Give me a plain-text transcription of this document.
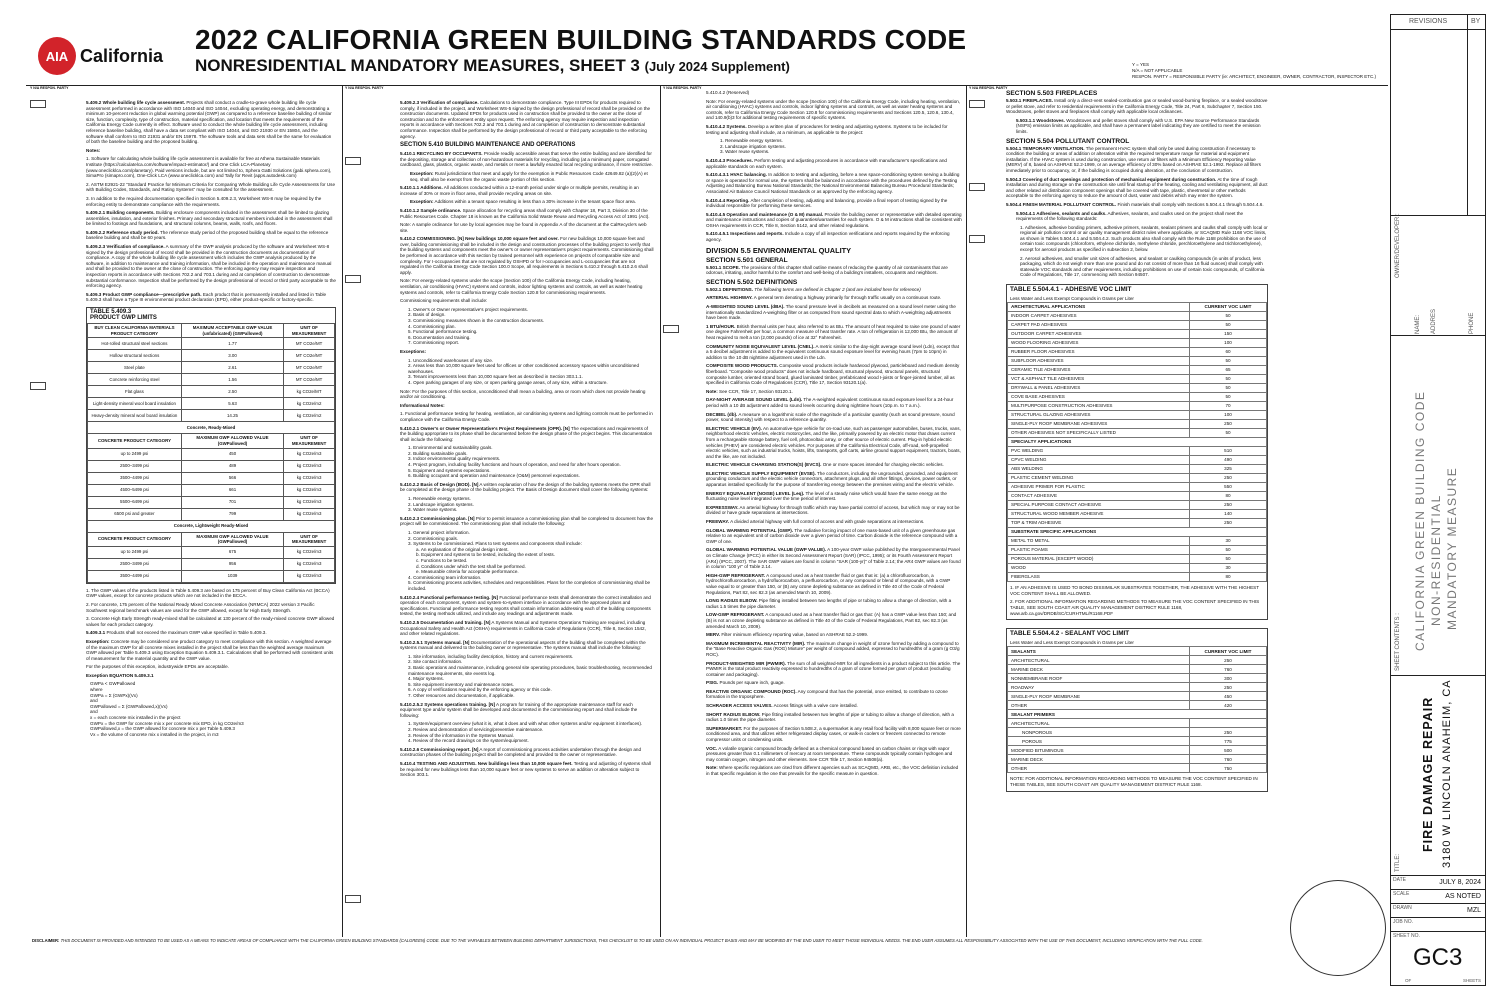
AIA California
2022 CALIFORNIA GREEN BUILDING STANDARDS CODE
NONRESIDENTIAL MANDATORY MEASURES, SHEET 3 (July 2024 Supplement)	Y = YES
N/A = NOT APPLICABLE
RESPON. PARTY = RESPONSIBLE PARTY (ie: ARCHITECT, ENGINEER, OWNER, CONTRACTOR, INSPECTOR ETC.)
Y N/A RESPON. PARTY	Y N/A RESPON. PARTY	Y N/A RESPON. PARTY	Y N/A RESPON. PARTY

5.409.2 Whole building life cycle assessment. Projects shall conduct a cradle-to-grave whole building life cycle assessment performed in accordance with ISO 14040 and ISO 14044, excluding operating energy, and demonstrating a minimum 10-percent reduction in global warming potential (GWP) as compared to a reference baseline building of similar size, function, complexity, type of construction, material specification, and location that meets the requirements of the California Energy Code currently in effect. Software used to conduct the whole building life cycle assessment, including reference baseline building, shall have a data set compliant with ISO 14044, and ISO 21930 or EN 15804, and the software shall conform to ISO 21931 and/or EN 15978. The software tools and data sets shall be the same for evaluation of both the baseline building and the proposed building.

Notes:

1. Software for calculating whole building life cycle assessment is available for free at Athena Sustainable Materials Institute (https://calculatelca.com/software/impact-estimator/) and One Click LCA-Planetary (www.oneclicklca.com/planetary). Paid versions include, but are not limited to, Sphera GaBi Solutions (gabi.sphera.com), SimaPro (simapro.com), One-Click LCA (www.oneclicklca.com) and Tally for Revit (apps.autodesk.com)

2. ASTM E2921-22 "Standard Practice for Minimum Criteria for Comparing Whole Building Life Cycle Assessments for Use with Building Codes, Standards, and Rating Systems" may be consulted for the assessment.

3. In addition to the required documentation specified in Section 5.409.2.3, Worksheet WS-8 may be required by the enforcing entity to demonstrate compliance with the requirements.

5.409.2.1 Building components. Building enclosure components included in the assessment shall be limited to glazing assemblies, insulation, and exterior finishes. Primary and secondary structural members included in the assessment shall be limited to footings and foundations, and structural columns, beams, walls, roofs, and floors.

5.409.2.2 Reference study period. The reference study period of the proposed building shall be equal to the reference baseline building and shall be 60 years.

5.409.2.3 Verification of compliance. A summary of the GWP analysis produced by the software and Worksheet WS-8 signed by the design professional of record shall be provided in the construction documents as documentation of compliance. A copy of the whole building life cycle assessment which includes the GWP analysis produced by the software, in addition to maintenance and training information, shall be included in the operation and maintenance manual and shall be provided to the owner at the close of construction. The enforcing agency may require inspection and inspection reports in accordance with Sections 702.2 and 703.1 during and at completion of construction to demonstrate substantial conformance. Inspection shall be performed by the design professional of record or third party acceptable to the enforcing agency.

5.409.3 Product GWP compliance—prescriptive path. Each product that is permanently installed and listed in Table 5.409.3 shall have a Type III environmental product declaration (EPD), either product-specific or factory-specific.

TABLE 5.409.3
PRODUCT GWP LIMITS
BUY CLEAN CALIFORNIA MATERIALS PRODUCT CATEGORY	MAXIMUM ACCEPTABLE GWP VALUE (unfabricated) (GWPallowed)	UNIT OF MEASUREMENT
Hot-rolled structural steel sections	1.77	MT CO2e/MT
Hollow structural sections	3.00	MT CO2e/MT
Steel plate	2.61	MT CO2e/MT
Concrete reinforcing steel	1.56	MT CO2e/MT
Flat glass	2.50	kg CO2e/MT
Light-density mineral wool board insulation	5.63	kg CO2e/m2
Heavy-density mineral wool board insulation	14.25	kg CO2e/m2
Concrete, Ready-Mixed		
CONCRETE PRODUCT CATEGORY	MAXIMUM GWP ALLOWED VALUE (GWPallowed)	UNIT OF MEASUREMENT
up to 2499 psi	450	kg CO2e/m3
2500–3499 psi	489	kg CO2e/m3
3500–4499 psi	566	kg CO2e/m3
4500–5499 psi	661	kg CO2e/m3
5500–6499 psi	701	kg CO2e/m3
6500 psi and greater	799	kg CO2e/m3
Concrete, Lightweight Ready-Mixed		
CONCRETE PRODUCT CATEGORY	MAXIMUM GWP ALLOWED VALUE (GWPallowed)	UNIT OF MEASUREMENT
up to 2499 psi	675	kg CO2e/m3
2500–3499 psi	956	kg CO2e/m3
3500–4499 psi	1039	kg CO2e/m3

1. The GWP values of the products listed in Table 5.409.3 are based on 175 percent of Buy Clean California Act (BCCA) GWP values, except for concrete products which are not included in the BCCA.

2. For concrete, 175 percent of the National Ready Mixed Concrete Association (NRMCA) 2022 version 3 Pacific Southwest regional benchmark values are used for the GWP allowed, except for High Early Strength.

3. Concrete High Early Strength ready-mixed shall be calculated at 130 percent of the ready-mixed concrete GWP allowed values for each product category.

5.409.3.1 Products shall not exceed the maximum GWP value specified in Table 5.409.3.

Exception: Concrete may be considered one product category to meet compliance with this section. A weighted average of the maximum GWP for all concrete mixes installed in the project shall be less than the weighted average maximum GWP allowed per Table 5.409.3 using Exception Equation 5.409.3.1. Calculations shall be performed with consistent units of measurement for the material quantity and the GWP value.

For the purposes of this exception, industrywide EPDs are acceptable.

Exception EQUATION 5.409.3.1

GWPa < GWPallowed
where
GWPa = Σ (GWPx)(Vx)
and
GWPallowed = Σ (GWPallowed,x)(Vx)
and
x = each concrete mix installed in the project
GWPx = the GWP for concrete mix x per concrete mix EPD, in kg CO2e/m3
GWPallowed,x = the GWP allowed for concrete mix x per Table 5.409.3
Vx = the volume of concrete mix x installed in the project, in m3

5.409.2.3 Verification of compliance. Calculations to demonstrate compliance. Type III EPDs for products required to comply, if included in the project, and Worksheet WS-5 signed by the design professional of record shall be provided on the construction documents. Updated EPDs for products used in construction shall be provided to the owner at the close of construction and to the enforcement entity upon request. The enforcing agency may require inspection and inspection reports in accordance with Sections 702.2 and 703.1 during and at completion of construction to demonstrate substantial conformance. Inspection shall be performed by the design professional of record or third party acceptable to the enforcing agency.

SECTION 5.410 BUILDING MAINTENANCE AND OPERATIONS

5.410.1 RECYCLING BY OCCUPANTS. Provide readily accessible areas that serve the entire building and are identified for the depositing, storage and collection of non-hazardous materials for recycling, including (at a minimum) paper, corrugated cardboard, glass, plastics, organic waste, and metals or meet a lawfully enacted local recycling ordinance, if more restrictive.

Exception: Rural jurisdictions that meet and apply for the exemption in Public Resources Code 42649.82 (a)(2)(A) et seq. shall also be exempt from the organic waste portion of this section.

5.410.1.1 Additions. All additions conducted within a 12-month period under single or multiple permits, resulting in an increase of 30% or more in floor area, shall provide recycling areas on site.

Exception: Additions within a tenant space resulting in less than a 30% increase in the tenant space floor area.

5.410.1.2 Sample ordinance. Space allocation for recycling areas shall comply with Chapter 18, Part 3, Division 30 of the Public Resources Code. Chapter 18 is known as the California Solid Waste Reuse and Recycling Access Act of 1991 (Act).

Note: A sample ordinance for use by local agencies may be found in Appendix A of the document at the CalRecycle's web site.

5.410.2 COMMISSIONING. [N] New buildings 10,000 square feet and over. For new buildings 10,000 square feet and over, building commissioning shall be included in the design and construction processes of the building project to verify that the building systems and components meet the owner's or owner representative's project requirements. Commissioning shall be performed in accordance with this section by trained personnel with experience on projects of comparable size and complexity. For I-occupancies that are not regulated by OSHPD or for I-occupancies and L-occupancies that are not regulated in the California Energy Code Section 100.0 Scope, all requirements in Sections 5.410.2 through 5.410.2.6 shall apply.

Note: For energy-related systems under the scope (Section 100) of the California Energy Code, including heating, ventilation, air conditioning (HVAC) systems and controls, indoor lighting systems and controls, as well as water heating systems and controls, refer to California Energy Code Section 120.8 for commissioning requirements.

Commissioning requirements shall include:

1. Owner's or Owner representative's project requirements.
2. Basis of design.
3. Commissioning measures shown in the construction documents.
4. Commissioning plan.
5. Functional performance testing.
6. Documentation and training.
7. Commissioning report.

Exceptions:

1. Unconditioned warehouses of any size.
2. Areas less than 10,000 square feet used for offices or other conditioned accessory spaces within unconditioned warehouses.
3. Tenant improvements less than 10,000 square feet as described in Section 303.1.1.
4. Open parking garages of any size, or open parking garage areas, of any size, within a structure.

Note: For the purposes of this section, unconditioned shall mean a building, area or room which does not provide heating and/or air conditioning.

Informational Notes:

1. Functional performance testing for heating, ventilation, air conditioning systems and lighting controls must be performed in compliance with the California Energy Code.

5.410.2.1 Owner's or Owner Representative's Project Requirements (OPR). [N] The expectations and requirements of the building appropriate to its phase shall be documented before the design phase of the project begins. This documentation shall include the following:

1. Environmental and sustainability goals.
2. Building sustainable goals.
3. Indoor environmental quality requirements.
4. Project program, including facility functions and hours of operation, and need for after hours operation.
5. Equipment and systems expectations.
6. Building occupant and operation and maintenance (O&M) personnel expectations.

5.410.2.2 Basis of Design (BOD). [N] A written explanation of how the design of the building systems meets the OPR shall be completed at the design phase of the building project. The Basis of Design document shall cover the following systems:

1. Renewable energy systems.
2. Landscape irrigation systems.
3. Water reuse systems.

5.410.2.3 Commissioning plan. [N] Prior to permit issuance a commissioning plan shall be completed to document how the project will be commissioned. The commissioning plan shall include the following:

1. General project information.
2. Commissioning goals.
3. Systems to be commissioned. Plans to test systems and components shall include:
a. An explanation of the original design intent.
b. Equipment and systems to be tested, including the extent of tests.
c. Functions to be tested.
d. Conditions under which the test shall be performed.
e. Measurable criteria for acceptable performance.
4. Commissioning team information.
5. Commissioning process activities, schedules and responsibilities. Plans for the completion of commissioning shall be included.

5.410.2.4 Functional performance testing. [N] Functional performance tests shall demonstrate the correct installation and operation of each component, system and system-to-system interface in accordance with the approved plans and specifications. Functional performance testing reports shall contain information addressing each of the building components tested, the testing methods utilized, and include any readings and adjustments made.

5.410.2.5 Documentation and training. [N] A Systems Manual and Systems Operations Training are required, including Occupational Safety and Health Act (OSHA) requirements in California Code of Regulations (CCR), Title 8, Section 1542, and other related regulations.

5.410.2.5.1 Systems manual. [N] Documentation of the operational aspects of the building shall be completed within the systems manual and delivered to the building owner or representative. The systems manual shall include the following:

1. Site information, including facility description, history and current requirements.
2. Site contact information.
3. Basic operations and maintenance, including general site operating procedures, basic troubleshooting, recommended maintenance requirements, site events log.
4. Major systems.
5. Site equipment inventory and maintenance notes.
6. A copy of verifications required by the enforcing agency or this code.
7. Other resources and documentation, if applicable.

5.410.2.5.2 Systems operations training. [N] A program for training of the appropriate maintenance staff for each equipment type and/or system shall be developed and documented in the commissioning report and shall include the following:

1. System/equipment overview (what it is, what it does and with what other systems and/or equipment it interfaces).
2. Review and demonstration of servicing/preventive maintenance.
3. Review of the information in the Systems Manual.
4. Review of the record drawings on the system/equipment.

5.410.2.6 Commissioning report. [N] A report of commissioning process activities undertaken through the design and construction phases of the building project shall be completed and provided to the owner or representative.

5.410.4 TESTING AND ADJUSTING. New buildings less than 10,000 square feet. Testing and adjusting of systems shall be required for new buildings less than 10,000 square feet or new systems to serve an addition or alteration subject to Section 303.1.

5.410.4.2 (Reserved)

Note: For energy-related systems under the scope (Section 100) of the California Energy Code, including heating, ventilation, air conditioning (HVAC) systems and controls, indoor lighting systems and controls, as well as water heating systems and controls, refer to California Energy Code Section 120.8 for commissioning requirements and Sections 120.5, 120.6, 130.4, and 140.9(b)3 for additional testing requirements of specific systems.

5.410.4.2 Systems. Develop a written plan of procedures for testing and adjusting systems. Systems to be included for testing and adjusting shall include, at a minimum, as applicable to the project:

1. Renewable energy systems.
2. Landscape irrigation systems.
3. Water reuse systems.

5.410.4.3 Procedures. Perform testing and adjusting procedures in accordance with manufacturer's specifications and applicable standards on each system.

5.410.4.3.1 HVAC balancing. In addition to testing and adjusting, before a new space-conditioning system serving a building or space is operated for normal use, the system shall be balanced in accordance with the procedures defined by the Testing Adjusting and Balancing Bureau National Standards; the National Environmental Balancing Bureau Procedural Standards; Associated Air Balance Council National Standards or as approved by the enforcing agency.

5.410.4.4 Reporting. After completion of testing, adjusting and balancing, provide a final report of testing signed by the individual responsible for performing these services.

5.410.4.5 Operation and maintenance (O & M) manual. Provide the building owner or representative with detailed operating and maintenance instructions and copies of guaranties/warranties for each system. O & M instructions shall be consistent with OSHA requirements in CCR, Title 8, Section 5142, and other related regulations.

5.410.4.5.1 Inspections and reports. Include a copy of all inspection verifications and reports required by the enforcing agency.

DIVISION 5.5 ENVIRONMENTAL QUALITY
SECTION 5.501 GENERAL

5.501.1 SCOPE. The provisions of this chapter shall outline means of reducing the quantity of air contaminants that are odorous, irritating, and/or harmful to the comfort and well-being of a building's installers, occupants and neighbors.

SECTION 5.502 DEFINITIONS

5.502.1 DEFINITIONS. The following terms are defined in Chapter 2 (and are included here for reference)

ARTERIAL HIGHWAY. A general term denoting a highway primarily for through traffic usually on a continuous route.

A-WEIGHTED SOUND LEVEL (dBA). The sound pressure level in decibels as measured on a sound level meter using the internationally standardized A-weighting filter or as computed from sound spectral data to which A-weighting adjustments have been made.

1 BTU/HOUR. British thermal units per hour, also referred to as Btu. The amount of heat required to raise one pound of water one degree Fahrenheit per hour, a common measure of heat transfer rate. A ton of refrigeration is 12,000 Btu, the amount of heat required to melt a ton (2,000 pounds) of ice at 32° Fahrenheit.

COMMUNITY NOISE EQUIVALENT LEVEL (CNEL). A metric similar to the day-night average sound level (Ldn), except that a 5 decibel adjustment is added to the equivalent continuous sound exposure level for evening hours (7pm to 10pm) in addition to the 10 dB nighttime adjustment used in the Ldn.

COMPOSITE WOOD PRODUCTS. Composite wood products include hardwood plywood, particleboard and medium density fiberboard. "Composite wood products" does not include hardboard, structural plywood, structural panels, structural composite lumber, oriented strand board, glued laminated timber, prefabricated wood I-joists or finger-jointed lumber, all as specified in California Code of Regulations (CCR), Title 17, Section 93120.1(a).

Note: See CCR, Title 17, Section 93120.1.

DAY-NIGHT AVERAGE SOUND LEVEL (Ldn). The A-weighted equivalent continuous sound exposure level for a 24-hour period with a 10 dB adjustment added to sound levels occurring during nighttime hours (10p.m. to 7 a.m.).

DECIBEL (db). A measure on a logarithmic scale of the magnitude of a particular quantity (such as sound pressure, sound power, sound intensity) with respect to a reference quantity.

ELECTRIC VEHICLE (EV). An automotive-type vehicle for on-road use, such as passenger automobiles, buses, trucks, vans, neighborhood electric vehicles, electric motorcycles, and the like, primarily powered by an electric motor that draws current from a rechargeable storage battery, fuel cell, photovoltaic array, or other source of electric current. Plug-in hybrid electric vehicles (PHEV) are considered electric vehicles. For purposes of the California Electrical Code, off-road, self-propelled electric vehicles, such as industrial trucks, hoists, lifts, transports, golf carts, airline ground support equipment, tractors, boats, and the like, are not included.

ELECTRIC VEHICLE CHARGING STATION(S) (EVCS). One or more spaces intended for charging electric vehicles.

ELECTRIC VEHICLE SUPPLY EQUIPMENT (EVSE). The conductors, including the ungrounded, grounded, and equipment grounding conductors and the electric vehicle connectors, attachment plugs, and all other fittings, devices, power outlets, or apparatus installed specifically for the purpose of transferring energy between the premises wiring and the electric vehicle.

ENERGY EQUIVALENT (NOISE) LEVEL (Leq). The level of a steady noise which would have the same energy as the fluctuating noise level integrated over the time period of interest.

EXPRESSWAY. An arterial highway for through traffic which may have partial control of access, but which may or may not be divided or have grade separations at intersections.

FREEWAY. A divided arterial highway with full control of access and with grade separations at intersections.

GLOBAL WARMING POTENTIAL (GWP). The radiative forcing impact of one mass-based unit of a given greenhouse gas relative to an equivalent unit of carbon dioxide over a given period of time. Carbon dioxide is the reference compound with a GWP of one.

GLOBAL WARMING POTENTIAL VALUE (GWP VALUE). A 100-year GWP value published by the Intergovernmental Panel on Climate Change (IPCC) in either its Second Assessment Report (SAR) (IPCC, 1995); or its Fourth Assessment Report (AR4) (IPCC, 2007). The SAR GWP values are found in column "SAR (100-yr)" of Table 2.14; the AR4 GWP values are found in column "100 yr" of Table 2.14.

HIGH-GWP REFRIGERANT. A compound used as a heat transfer fluid or gas that is: (a) a chlorofluorocarbon, a hydrochlorofluorocarbon, a hydrofluorocarbon, a perfluorocarbon, or any compound or blend of compounds, with a GWP value equal to or greater than 150, or (B) any ozone depleting substance as defined in Title 40 of the Code of Federal Regulations, Part 82, sec 82.3 (as amended March 10, 2009).

LONG RADIUS ELBOW. Pipe fitting installed between two lengths of pipe or tubing to allow a change of direction, with a radius 1.5 times the pipe diameter.

LOW-GWP REFRIGERANT. A compound used as a heat transfer fluid or gas that: (A) has a GWP value less than 150; and (B) is not an ozone depleting substance as defined in Title 40 of the Code of Federal Regulations, Part 82, sec 82.3 (as amended March 10, 2009).

MERV. Filter minimum efficiency reporting value, based on ASHRAE 52.2-1999.

MAXIMUM INCREMENTAL REACTIVITY (MIR). The maximum change in weight of ozone formed by adding a compound to the "Base Reactive Organic Gas (ROG) Mixture" per weight of compound added, expressed to hundredths of a gram (g O3/g ROC).

PRODUCT-WEIGHTED MIR (PWMIR). The sum of all weighted-MIR for all ingredients in a product subject to this article. The PWMIR is the total product reactivity expressed to hundredths of a gram of ozone formed per gram of product (excluding container and packaging).

PSIG. Pounds per square inch, guage.

REACTIVE ORGANIC COMPOUND (ROC). Any compound that has the potential, once emitted, to contribute to ozone formation in the troposphere.

SCHRADER ACCESS VALVES. Access fittings with a valve core installed.

SHORT RADIUS ELBOW. Pipe fitting installed between two lengths of pipe or tubing to allow a change of direction, with a radius 1.0 times the pipe diameter.

SUPERMARKET. For the purposes of Section 5.508.2, a supermarket is any retail food facility with 8,000 square feet or more conditioned area, and that utilizes either refrigerated display cases, or walk-in coolers or freezers connected to remote compressor units or condensing units.

VOC. A volatile organic compound broadly defined as a chemical compound based on carbon chains or rings with vapor pressures greater than 0.1 millimeters of mercury at room temperature. These compounds typically contain hydrogen and may contain oxygen, nitrogen and other elements. See CCR Title 17, Section 94508(a).

Note: Where specific regulations are cited from different agencies such as SCAQMD, ARB, etc., the VOC definition included in that specific regulation is the one that prevails for the specific measure in question.

SECTION 5.503 FIREPLACES

5.503.1 FIREPLACES. Install only a direct-vent sealed-combustion gas or sealed wood-burning fireplace, or a sealed woodstove or pellet stove, and refer to residential requirements in the California Energy Code, Title 24, Part 6, Subchapter 7, Section 150. Woodstoves, pellet stoves and fireplaces shall comply with applicable local ordinances.

5.503.1.1 Woodstoves. Woodstoves and pellet stoves shall comply with U.S. EPA New Source Performance Standards (NSPS) emission limits as applicable, and shall have a permanent label indicating they are certified to meet the emission limits.

SECTION 5.504 POLLUTANT CONTROL

5.504.1 TEMPORARY VENTILATION. The permanent HVAC system shall only be used during construction if necessary to condition the building or areas of addition or alteration within the required temperature range for material and equipment installation. If the HVAC system is used during construction, use return air filters with a Minimum Efficiency Reporting Value (MERV) of 8, based on ASHRAE 52.2-1999, or an average efficiency of 30% based on ASHRAE 52.1-1992. Replace all filters immediately prior to occupancy, or, if the building is occupied during alteration, at the conclusion of construction.

5.504.3 Covering of duct openings and protection of mechanical equipment during construction. At the time of rough installation and during storage on the construction site until final startup of the heating, cooling and ventilating equipment, all duct and other related air distribution component openings shall be covered with tape, plastic, sheetmetal or other methods acceptable to the enforcing agency to reduce the amount of dust, water and debris which may enter the system.

5.504.4 FINISH MATERIAL POLLUTANT CONTROL. Finish materials shall comply with Sections 5.504.4.1 through 5.504.4.6.

5.504.4.1 Adhesives, sealants and caulks. Adhesives, sealants, and caulks used on the project shall meet the requirements of the following standards:

1. Adhesives, adhesive bonding primers, adhesive primers, sealants, sealant primers and caulks shall comply with local or regional air pollution control or air quality management district rules where applicable, or SCAQMD Rule 1168 VOC limits, as shown in Tables 5.504.4.1 and 5.504.4.2. Such products also shall comply with the Rule 1168 prohibition on the use of certain toxic compounds (chloroform, ethylene dichloride, methylene chloride, perchloroethylene and trichloroethylene), except for aerosol products as specified in subsection 2, below.

2. Aerosol adhesives, and smaller unit sizes of adhesives, and sealant or caulking compounds (in units of product, less packaging, which do not weigh more than one pound and do not consist of more than 16 fluid ounces) shall comply with statewide VOC standards and other requirements, including prohibitions on use of certain toxic compounds, of California Code of Regulations, Title 17, commencing with Section 94507.

TABLE 5.504.4.1 - ADHESIVE VOC LIMIT
Less Water and Less Exempt Compounds in Grams per Liter
ARCHITECTURAL APPLICATIONS	CURRENT VOC LIMIT
INDOOR CARPET ADHESIVES	50
CARPET PAD ADHESIVES	50
OUTDOOR CARPET ADHESIVES	150
WOOD FLOORING ADHESIVES	100
RUBBER FLOOR ADHESIVES	60
SUBFLOOR ADHESIVES	50
CERAMIC TILE ADHESIVES	65
VCT & ASPHALT TILE ADHESIVES	50
DRYWALL & PANEL ADHESIVES	50
COVE BASE ADHESIVES	50
MULTIPURPOSE CONSTRUCTION ADHESIVES	70
STRUCTURAL GLAZING ADHESIVES	100
SINGLE-PLY ROOF MEMBRANE ADHESIVES	250
OTHER ADHESIVES NOT SPECIFICALLY LISTED	50
SPECIALTY APPLICATIONS	
PVC WELDING	510
CPVC WELDING	490
ABS WELDING	325
PLASTIC CEMENT WELDING	250
ADHESIVE PRIMER FOR PLASTIC	550
CONTACT ADHESIVE	80
SPECIAL PURPOSE CONTACT ADHESIVE	250
STRUCTURAL WOOD MEMBER ADHESIVE	140
TOP & TRIM ADHESIVE	250
SUBSTRATE SPECIFIC APPLICATIONS	
METAL TO METAL	30
PLASTIC FOAMS	50
POROUS MATERIAL (EXCEPT WOOD)	50
WOOD	30
FIBERGLASS	80

1. IF AN ADHESIVE IS USED TO BOND DISSIMILAR SUBSTRATES TOGETHER, THE ADHESIVE WITH THE HIGHEST VOC CONTENT SHALL BE ALLOWED.

2. FOR ADDITIONAL INFORMATION REGARDING METHODS TO MEASURE THE VOC CONTENT SPECIFIED IN THIS TABLE, SEE SOUTH COAST AIR QUALITY MANAGEMENT DISTRICT RULE 1168, www.arb.ca.gov/DRDB/SC/CURHTML/R1168.PDF

TABLE 5.504.4.2 - SEALANT VOC LIMIT
Less Water and Less Exempt Compounds in Grams per Liter
SEALANTS	CURRENT VOC LIMIT
ARCHITECTURAL	250
MARINE DECK	760
NONMEMBRANE ROOF	300
ROADWAY	250
SINGLE-PLY ROOF MEMBRANE	450
OTHER	420
SEALANT PRIMERS	
ARCHITECTURAL	
NONPOROUS	250
POROUS	775
MODIFIED BITUMINOUS	500
MARINE DECK	760
OTHER	750

NOTE: FOR ADDITIONAL INFORMATION REGARDING METHODS TO MEASURE THE VOC CONTENT SPECIFIED IN THESE TABLES, SEE SOUTH COAST AIR QUALITY MANAGEMENT DISTRICT RULE 1168.

DISCLAIMER: THIS DOCUMENT IS PROVIDED AND INTENDED TO BE USED AS A MEANS TO INDICATE AREAS OF COMPLIANCE WITH THE CALIFORNIA GREEN BUILDING STANDARDS (CALGREEN) CODE. DUE TO THE VARIABLES BETWEEN BUILDING DEPARTMENT JURISDICTIONS, THIS CHECKLIST IS TO BE USED ON AN INDIVIDUAL PROJECT BASIS AND MAY BE MODIFIED BY THE END USER TO MEET THOSE INDIVIDUAL NEEDS. THE END USER ASSUMES ALL RESPONSIBILITY ASSOCIATED WITH THE USE OF THIS DOCUMENT, INCLUDING VERIFICATION WITH THE FULL CODE.
REVISIONS	BY
OWNER/DEVELOPER :
NAME: ADDRES	PHONE
SHEET CONTENTS : CALIFORNIA GREEN BUILDING CODE NON-RESIDENTIAL MANDATORY MEASURE
TITLE:
FIRE DAMAGE REPAIR 3180 W LINCOLN ANAHEIM, CA
DATE	JULY 8, 2024
SCALE	AS NOTED
DRAWN	MZL
JOB NO.
SHEET NO.
GC3
OF	SHEETS
